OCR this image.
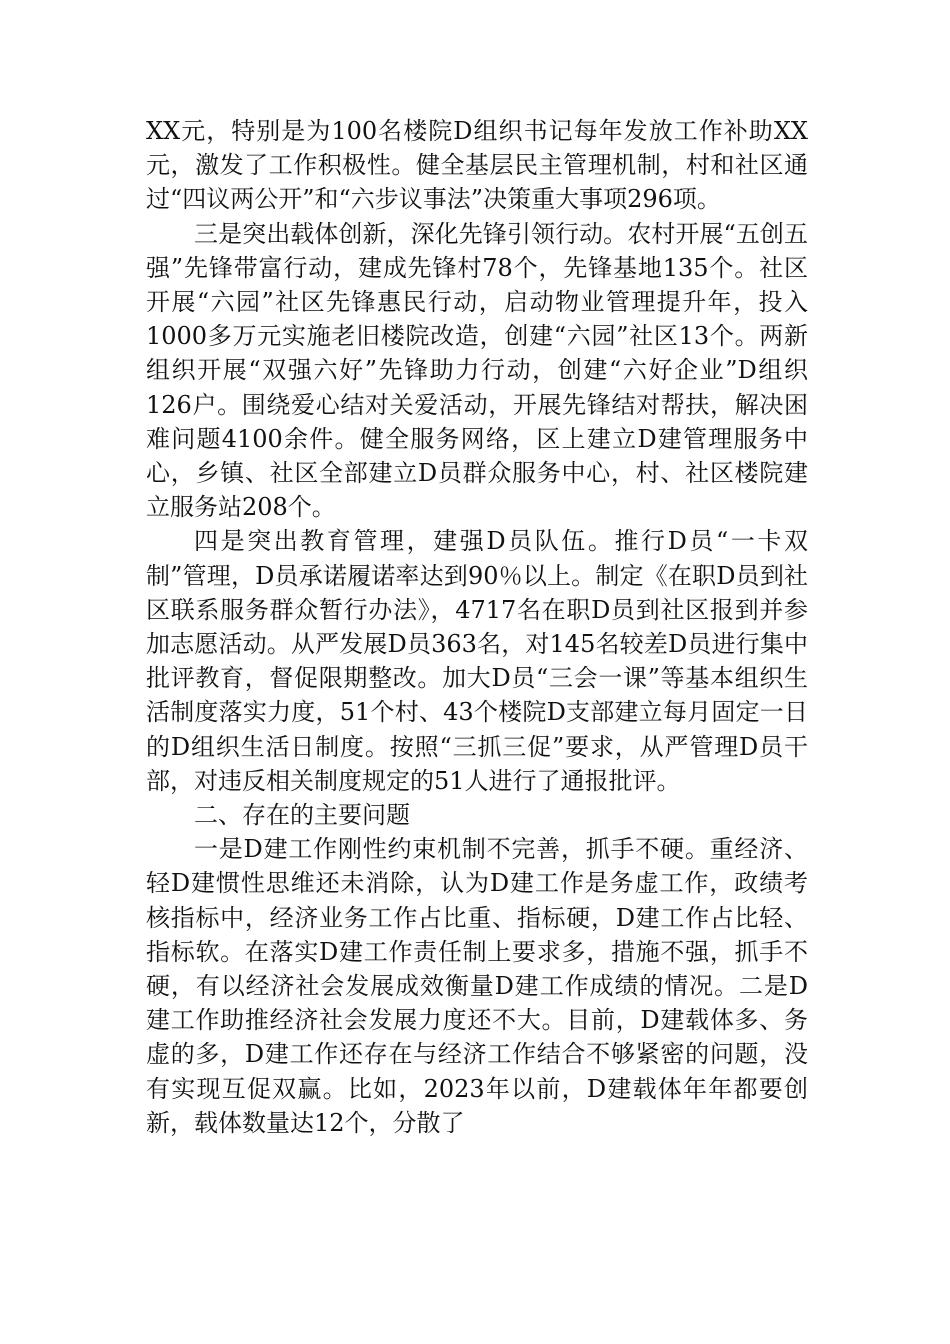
XX元，特别是为100名楼院D组织书记每年发放工作补助XX元，激发了工作积极性。健全基层民主管理机制，村和社区通过“四议两公开”和“六步议事法”决策重大事项296项。

三是突出载体创新，深化先锋引领行动。农村开展“五创五强”先锋带富行动，建成先锋村78个，先锋基地135个。社区开展“六园”社区先锋惠民行动，启动物业管理提升年，投入1000多万元实施老旧楼院改造，创建“六园”社区13个。两新组织开展“双强六好”先锋助力行动，创建“六好企业”D组织126户。围绕爱心结对关爱活动，开展先锋结对帮扶，解决困难问题4100余件。健全服务网络，区上建立D建管理服务中心，乡镇、社区全部建立D员群众服务中心，村、社区楼院建立服务站208个。

四是突出教育管理，建强D员队伍。推行D员“一卡双制”管理，D员承诺履诺率达到90％以上。制定《在职D员到社区联系服务群众暂行办法》，4717名在职D员到社区报到并参加志愿活动。从严发展D员363名，对145名较差D员进行集中批评教育，督促限期整改。加大D员“三会一课”等基本组织生活制度落实力度，51个村、43个楼院D支部建立每月固定一日的D组织生活日制度。按照“三抓三促”要求，从严管理D员干部，对违反相关制度规定的51人进行了通报批评。

二、存在的主要问题

一是D建工作刚性约束机制不完善，抓手不硬。重经济、轻D建惯性思维还未消除，认为D建工作是务虚工作，政绩考核指标中，经济业务工作占比重、指标硬，D建工作占比轻、指标软。在落实D建工作责任制上要求多，措施不强，抓手不硬，有以经济社会发展成效衡量D建工作成绩的情况。二是D建工作助推经济社会发展力度还不大。目前，D建载体多、务虚的多，D建工作还存在与经济工作结合不够紧密的问题，没有实现互促双赢。比如，2023年以前，D建载体年年都要创新，载体数量达12个，分散了
